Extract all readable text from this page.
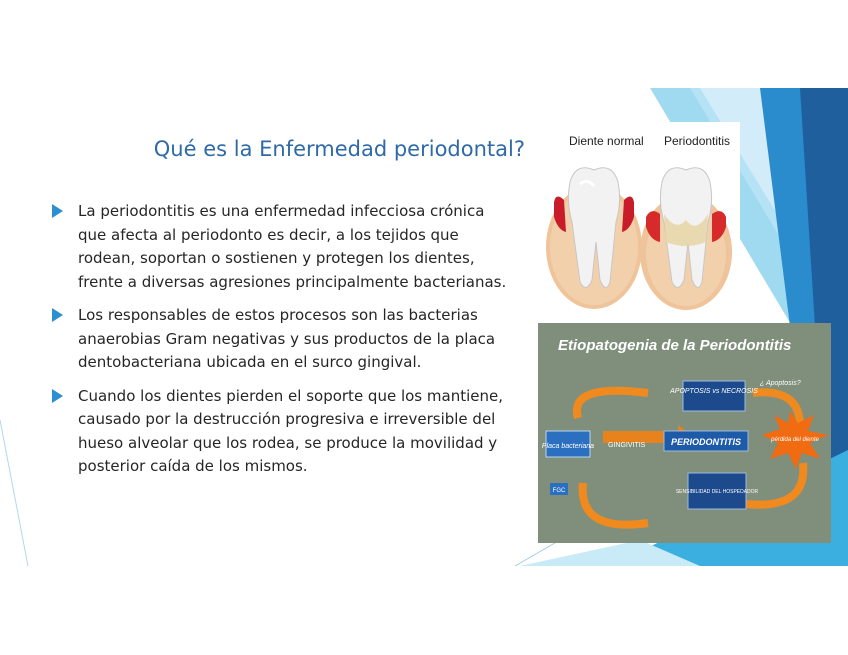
Qué es la Enfermedad periodontal?
La periodontitis es una enfermedad infecciosa crónica que afecta al periodonto es decir, a los tejidos que rodean, soportan o sostienen y protegen los dientes, frente a diversas agresiones principalmente bacterianas.
Los responsables de estos procesos son las bacterias anaerobias Gram negativas y sus productos de la placa dentobacteriana ubicada en el surco gingival.
Cuando los dientes pierden el soporte que los mantiene, causado por la destrucción progresiva e irreversible del hueso alveolar que los rodea, se produce la movilidad y posterior caída de los mismos.
Diente normal Periodontitis
Etiopatogenia de la Periodontitis
APOPTOSIS vs NECROSIS
¿ Apoptosis?
PERIODONTITIS
Placa bacteriana GINGIVITIS
SENSIBILIDAD DEL HOSPEDADOR
FGC
pérdida del diente
